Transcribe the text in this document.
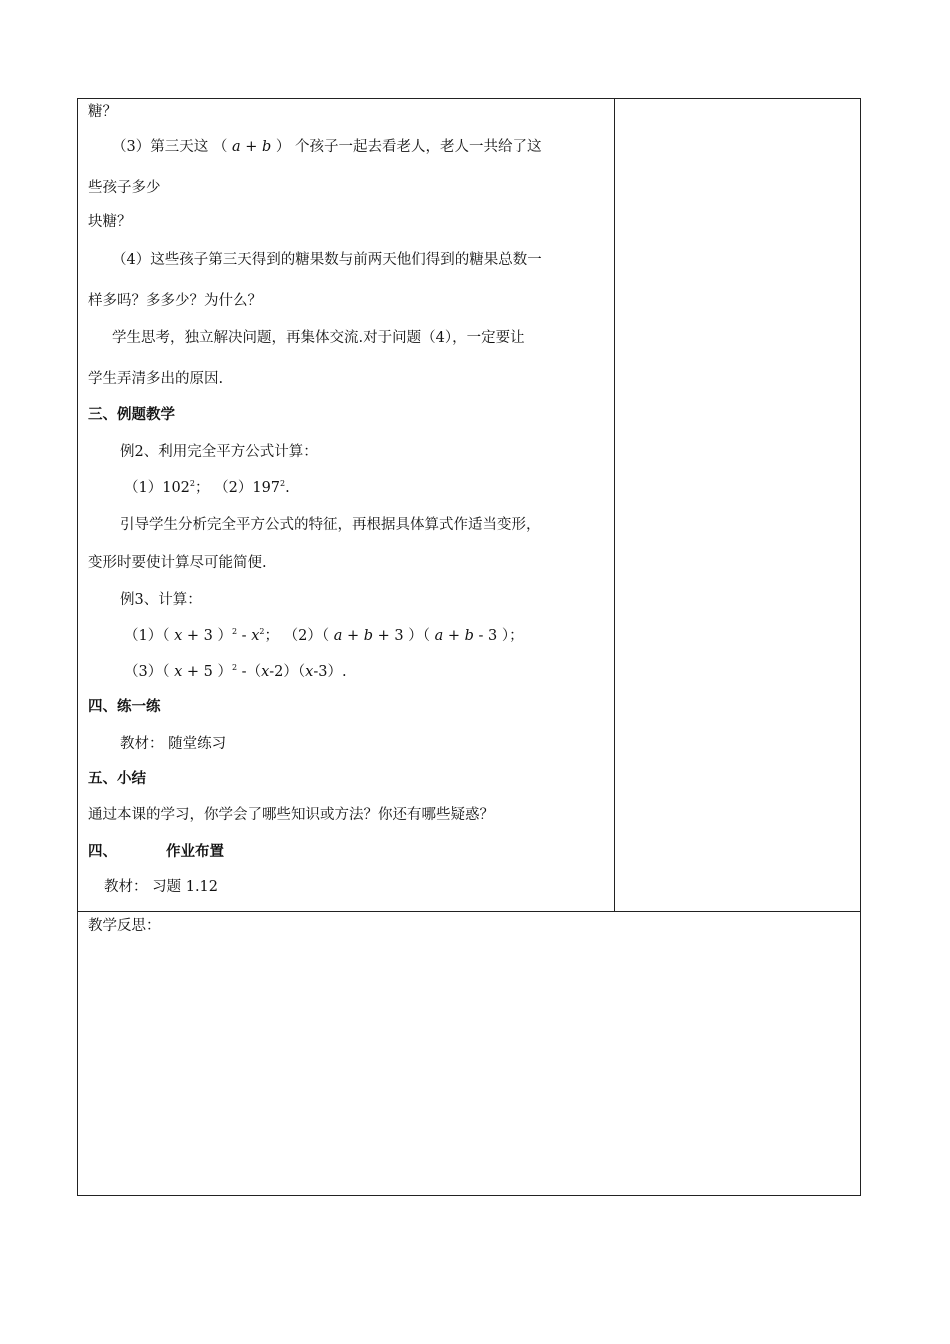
糖？
（3）第三天这 （ a + b ） 个孩子一起去看老人，老人一共给了这
些孩子多少
块糖？
（4）这些孩子第三天得到的糖果数与前两天他们得到的糖果总数一
样多吗？多多少？为什么？
学生思考，独立解决问题，再集体交流.对于问题（4），一定要让
学生弄清多出的原因.
三、例题教学
例2、利用完全平方公式计算：
$(1)102^2$； $(2)197^2$.
引导学生分析完全平方公式的特征，再根据具体算式作适当变形，
变形时要使计算尽可能简便.
例3、计算：
（1）（ x + 3 ）$^2 - x^2$； （2）（ a + b + 3 ）（ a + b - 3 ）；
（3）（ x + 5 ）$^2$ -（x-2）（x-3）.
四、练一练
教材： 随堂练习
五、小结
通过本课的学习，你学会了哪些知识或方法？你还有哪些疑惑？
四、	作业布置
教材： 习题 1.12
教学反思：
